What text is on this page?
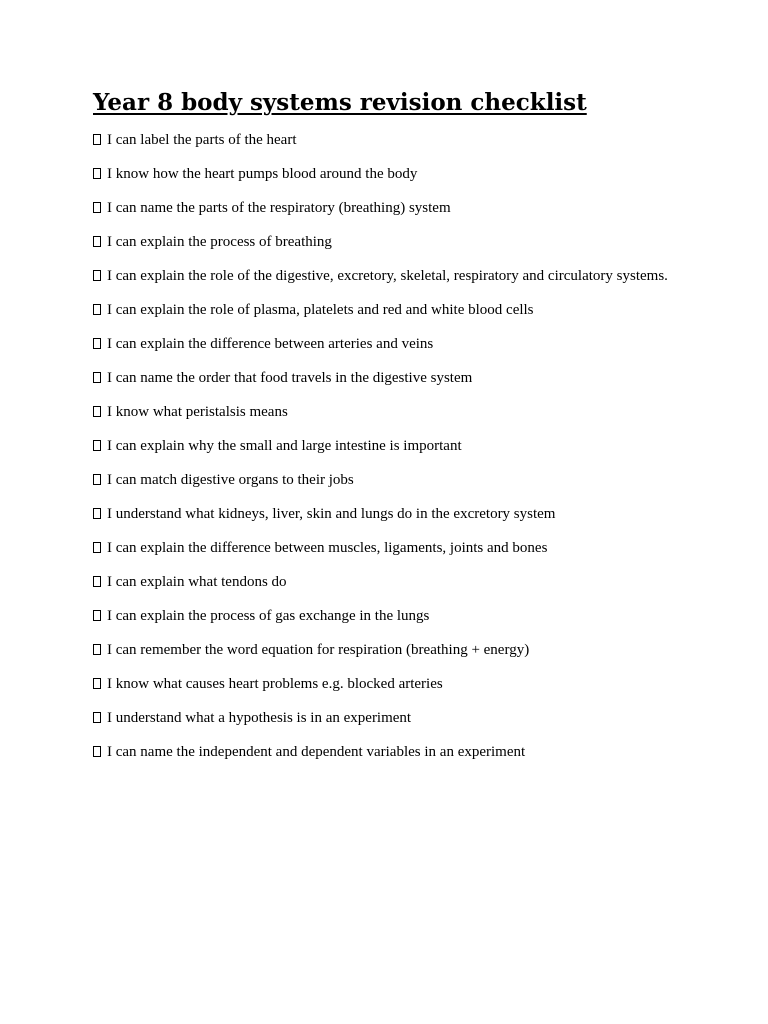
Year 8 body systems revision checklist
I can label the parts of the heart
I know how the heart pumps blood around the body
I can name the parts of the respiratory (breathing) system
I can explain the process of breathing
I can explain the role of the digestive, excretory, skeletal, respiratory and circulatory systems.
I can explain the role of plasma, platelets and red and white blood cells
I can explain the difference between arteries and veins
I can name the order that food travels in the digestive system
I know what peristalsis means
I can explain why the small and large intestine is important
I can match digestive organs to their jobs
I understand what kidneys, liver, skin and lungs do in the excretory system
I can explain the difference between muscles, ligaments, joints and bones
I can explain what tendons do
I can explain the process of gas exchange in the lungs
I can remember the word equation for respiration (breathing + energy)
I know what causes heart problems e.g. blocked arteries
I understand what a hypothesis is in an experiment
I can name the independent and dependent variables in an experiment
